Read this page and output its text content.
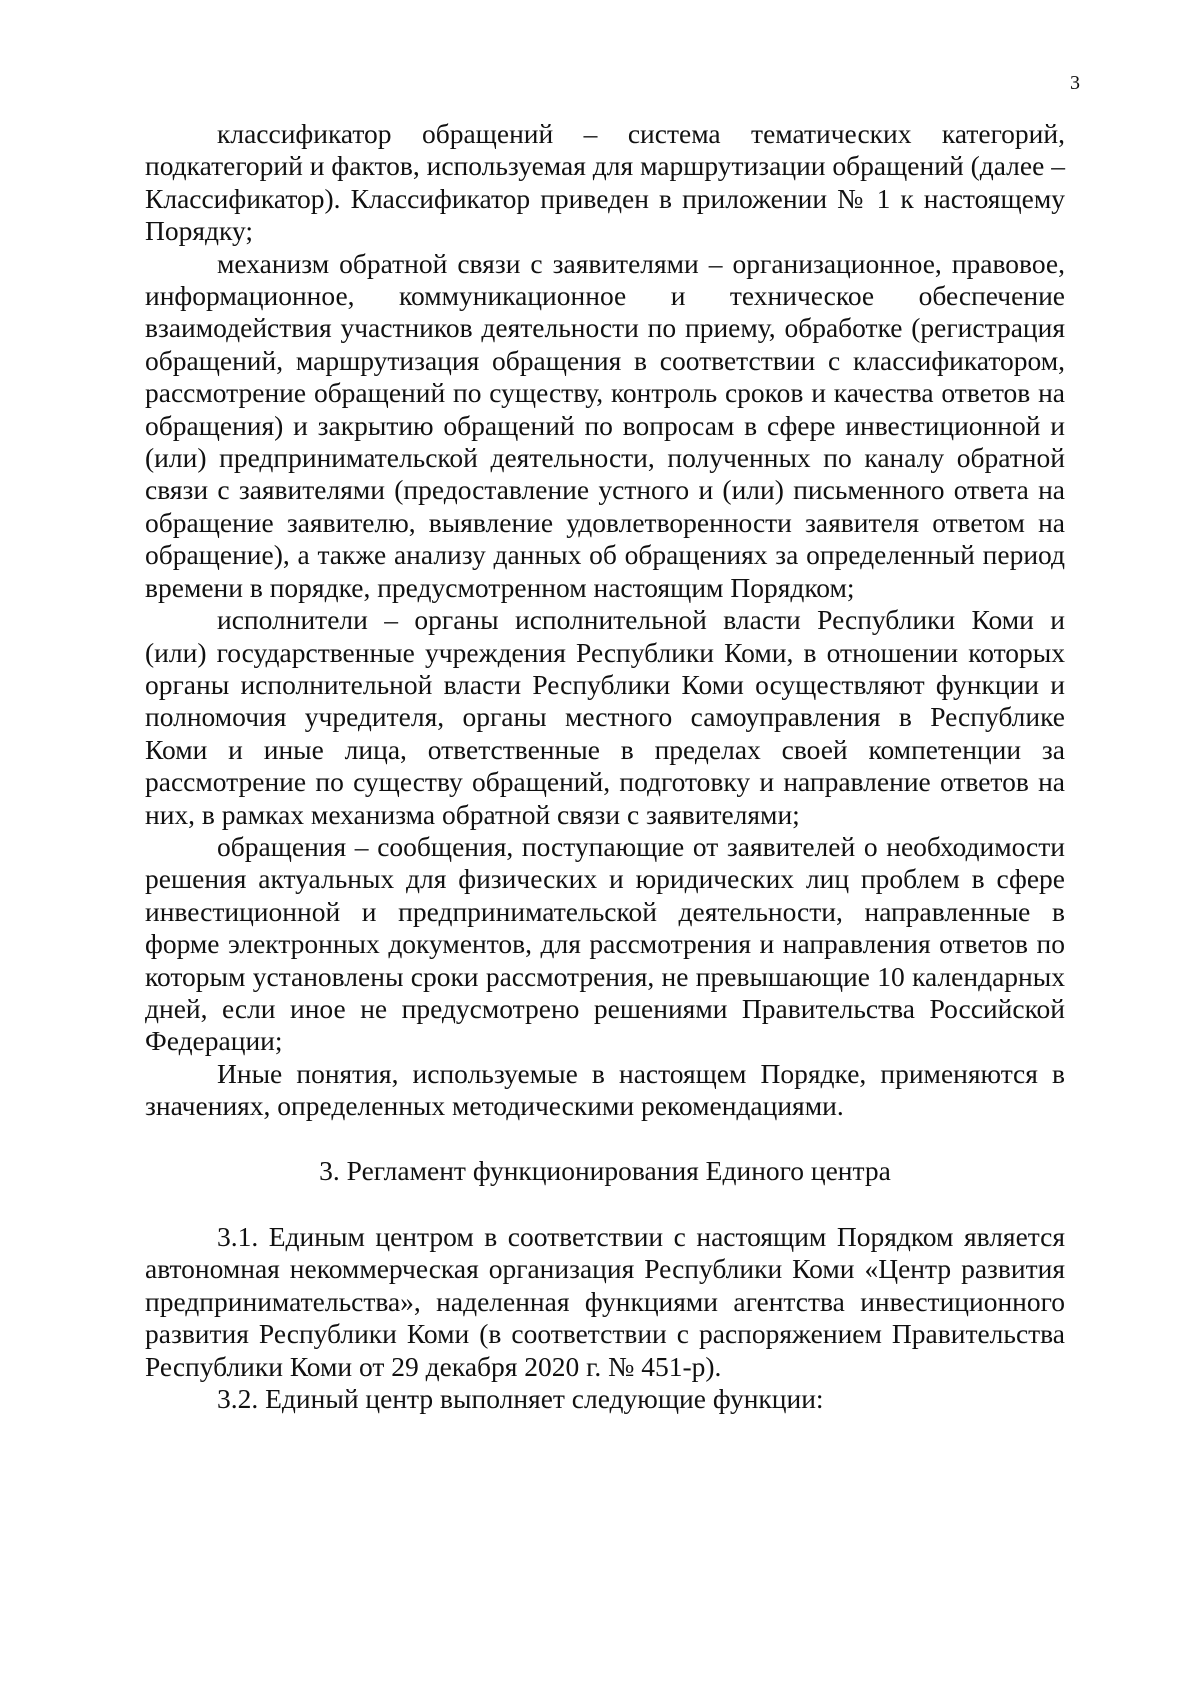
3

классификатор обращений – система тематических категорий, подкатегорий и фактов, используемая для маршрутизации обращений (далее – Классификатор). Классификатор приведен в приложении № 1 к настоящему Порядку;

механизм обратной связи с заявителями – организационное, правовое, информационное, коммуникационное и техническое обеспечение взаимодействия участников деятельности по приему, обработке (регистрация обращений, маршрутизация обращения в соответствии с классификатором, рассмотрение обращений по существу, контроль сроков и качества ответов на обращения) и закрытию обращений по вопросам в сфере инвестиционной и (или) предпринимательской деятельности, полученных по каналу обратной связи с заявителями (предоставление устного и (или) письменного ответа на обращение заявителю, выявление удовлетворенности заявителя ответом на обращение), а также анализу данных об обращениях за определенный период времени в порядке, предусмотренном настоящим Порядком;

исполнители – органы исполнительной власти Республики Коми и (или) государственные учреждения Республики Коми, в отношении которых органы исполнительной власти Республики Коми осуществляют функции и полномочия учредителя, органы местного самоуправления в Республике Коми и иные лица, ответственные в пределах своей компетенции за рассмотрение по существу обращений, подготовку и направление ответов на них, в рамках механизма обратной связи с заявителями;

обращения – сообщения, поступающие от заявителей о необходимости решения актуальных для физических и юридических лиц проблем в сфере инвестиционной и предпринимательской деятельности, направленные в форме электронных документов, для рассмотрения и направления ответов по которым установлены сроки рассмотрения, не превышающие 10 календарных дней, если иное не предусмотрено решениями Правительства Российской Федерации;

Иные понятия, используемые в настоящем Порядке, применяются в значениях, определенных методическими рекомендациями.

3. Регламент функционирования Единого центра

3.1. Единым центром в соответствии с настоящим Порядком является автономная некоммерческая организация Республики Коми «Центр развития предпринимательства», наделенная функциями агентства инвестиционного развития Республики Коми (в соответствии с распоряжением Правительства Республики Коми от 29 декабря 2020 г. № 451-р).

3.2. Единый центр выполняет следующие функции:
